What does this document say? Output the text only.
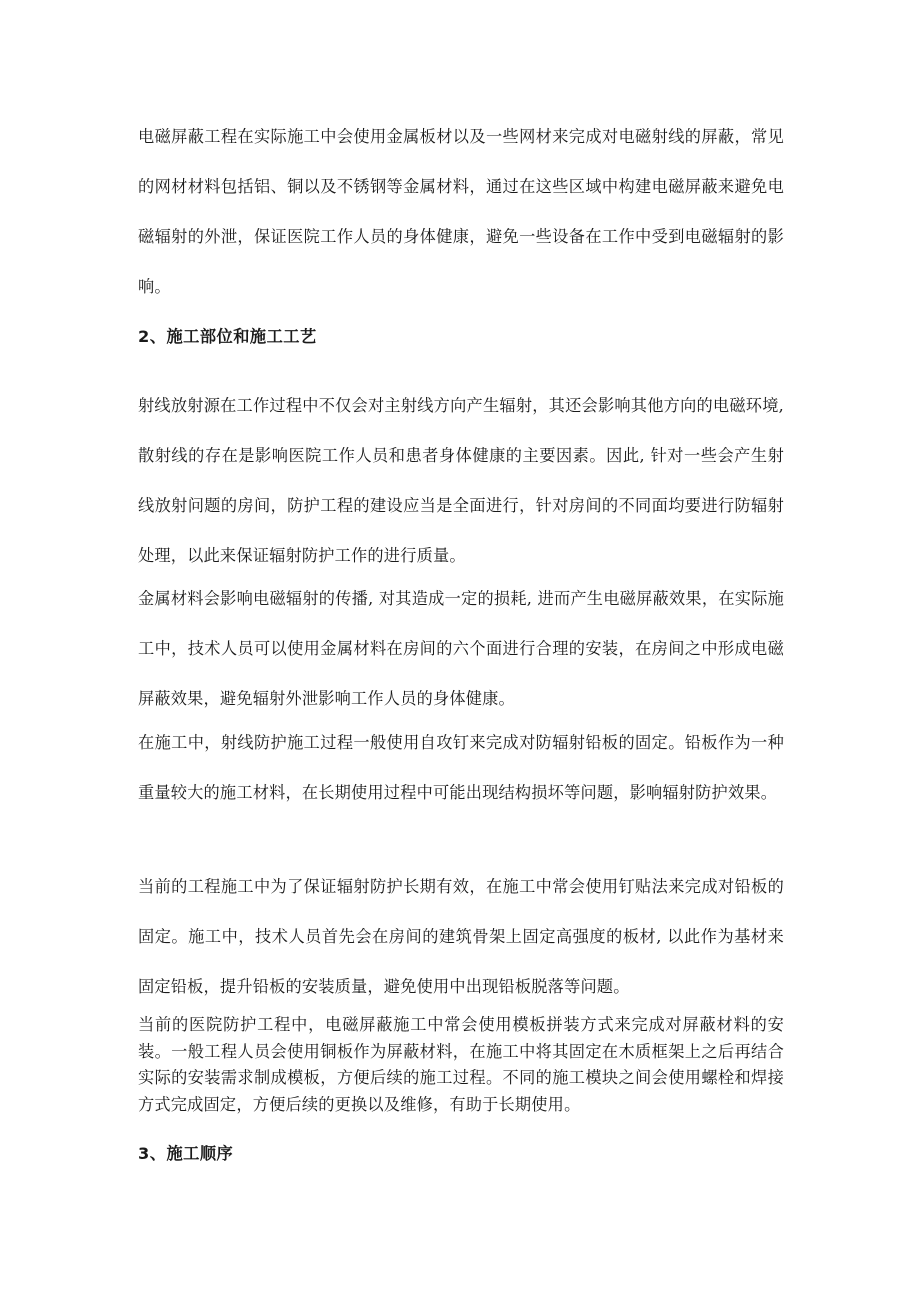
电磁屏蔽工程在实际施工中会使用金属板材以及一些网材来完成对电磁射线的屏蔽，常见的网材材料包括铝、铜以及不锈钢等金属材料，通过在这些区域中构建电磁屏蔽来避免电磁辐射的外泄，保证医院工作人员的身体健康，避免一些设备在工作中受到电磁辐射的影响。

2、施工部位和施工工艺

射线放射源在工作过程中不仅会对主射线方向产生辐射，其还会影响其他方向的电磁环境, 散射线的存在是影响医院工作人员和患者身体健康的主要因素。因此, 针对一些会产生射线放射问题的房间，防护工程的建设应当是全面进行，针对房间的不同面均要进行防辐射处理，以此来保证辐射防护工作的进行质量。

金属材料会影响电磁辐射的传播, 对其造成一定的损耗, 进而产生电磁屏蔽效果，在实际施工中，技术人员可以使用金属材料在房间的六个面进行合理的安装，在房间之中形成电磁屏蔽效果，避免辐射外泄影响工作人员的身体健康。

在施工中，射线防护施工过程一般使用自攻钉来完成对防辐射铅板的固定。铅板作为一种重量较大的施工材料，在长期使用过程中可能出现结构损坏等问题，影响辐射防护效果。

当前的工程施工中为了保证辐射防护长期有效，在施工中常会使用钉贴法来完成对铅板的固定。施工中，技术人员首先会在房间的建筑骨架上固定高强度的板材, 以此作为基材来固定铅板，提升铅板的安装质量，避免使用中出现铅板脱落等问题。

当前的医院防护工程中，电磁屏蔽施工中常会使用模板拼装方式来完成对屏蔽材料的安装。一般工程人员会使用铜板作为屏蔽材料，在施工中将其固定在木质框架上之后再结合实际的安装需求制成模板，方便后续的施工过程。不同的施工模块之间会使用螺栓和焊接方式完成固定，方便后续的更换以及维修，有助于长期使用。

3、施工顺序
